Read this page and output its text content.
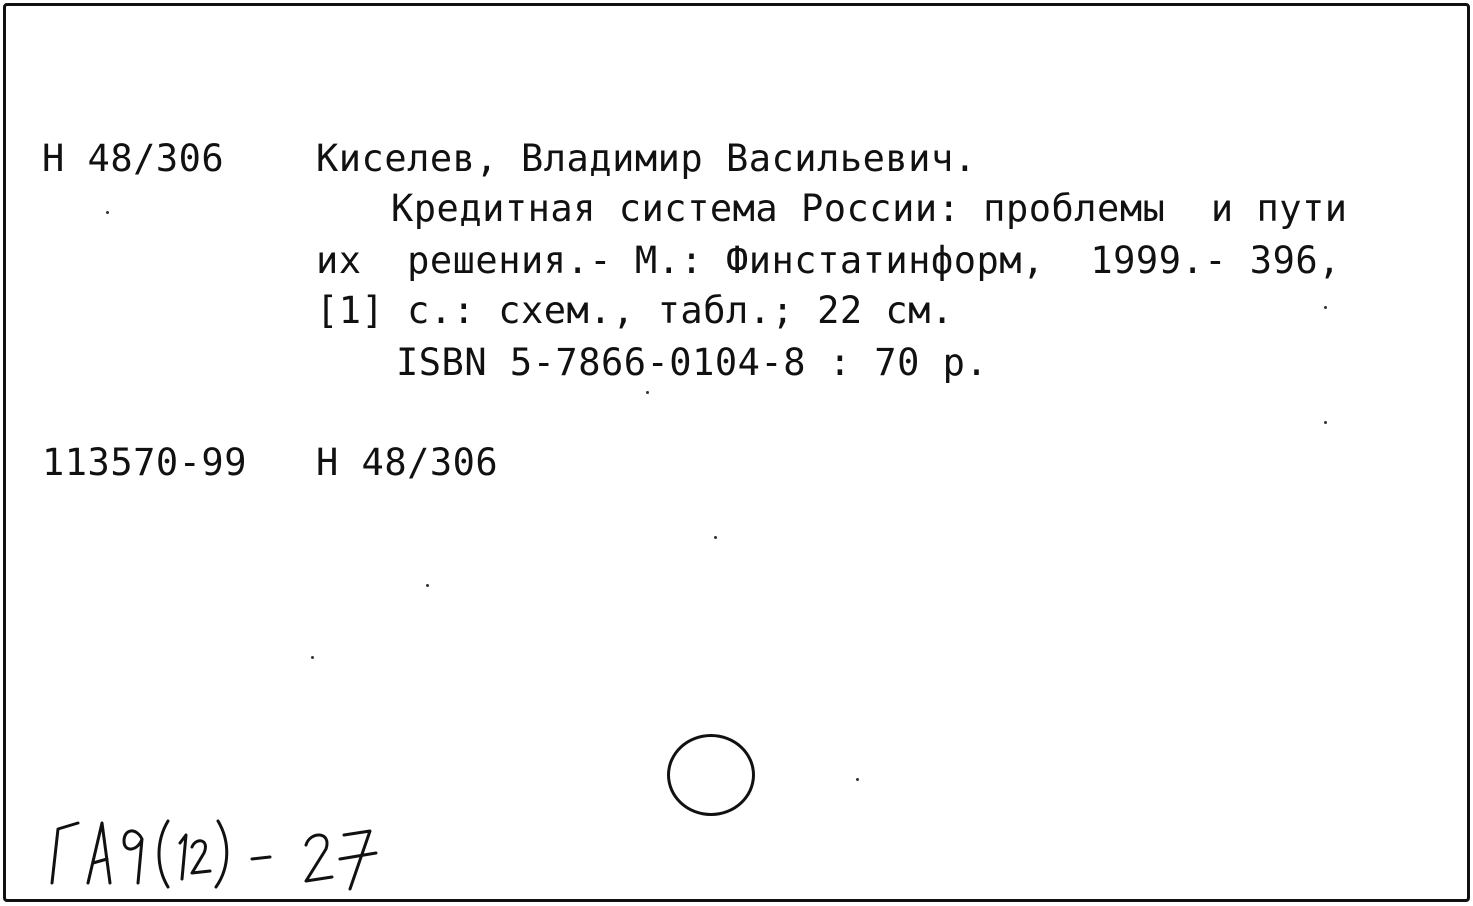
Н 48/306 Киселев, Владимир Васильевич.
Кредитная система России: проблемы  и пути
их  решения.- М.: Финстатинформ,  1999.- 396,
[1] с.: схем., табл.; 22 см.
ISBN 5-7866-0104-8 : 70 р.
113570-99 Н 48/306
